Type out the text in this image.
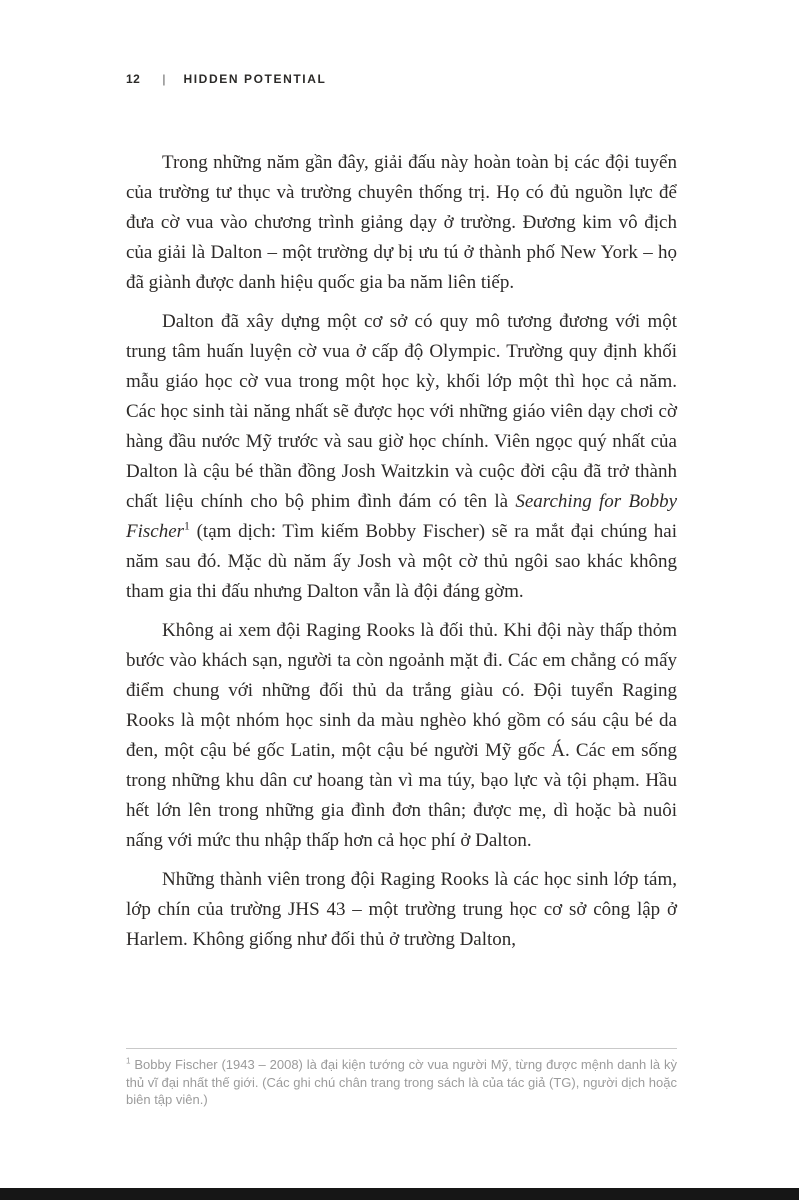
12 | HIDDEN POTENTIAL

Trong những năm gần đây, giải đấu này hoàn toàn bị các đội tuyển của trường tư thục và trường chuyên thống trị. Họ có đủ nguồn lực để đưa cờ vua vào chương trình giảng dạy ở trường. Đương kim vô địch của giải là Dalton – một trường dự bị ưu tú ở thành phố New York – họ đã giành được danh hiệu quốc gia ba năm liên tiếp.

Dalton đã xây dựng một cơ sở có quy mô tương đương với một trung tâm huấn luyện cờ vua ở cấp độ Olympic. Trường quy định khối mẫu giáo học cờ vua trong một học kỳ, khối lớp một thì học cả năm. Các học sinh tài năng nhất sẽ được học với những giáo viên dạy chơi cờ hàng đầu nước Mỹ trước và sau giờ học chính. Viên ngọc quý nhất của Dalton là cậu bé thần đồng Josh Waitzkin và cuộc đời cậu đã trở thành chất liệu chính cho bộ phim đình đám có tên là Searching for Bobby Fischer$^1$ (tạm dịch: Tìm kiếm Bobby Fischer) sẽ ra mắt đại chúng hai năm sau đó. Mặc dù năm ấy Josh và một cờ thủ ngôi sao khác không tham gia thi đấu nhưng Dalton vẫn là đội đáng gờm.

Không ai xem đội Raging Rooks là đối thủ. Khi đội này thấp thỏm bước vào khách sạn, người ta còn ngoảnh mặt đi. Các em chẳng có mấy điểm chung với những đối thủ da trắng giàu có. Đội tuyển Raging Rooks là một nhóm học sinh da màu nghèo khó gồm có sáu cậu bé da đen, một cậu bé gốc Latin, một cậu bé người Mỹ gốc Á. Các em sống trong những khu dân cư hoang tàn vì ma túy, bạo lực và tội phạm. Hầu hết lớn lên trong những gia đình đơn thân; được mẹ, dì hoặc bà nuôi nấng với mức thu nhập thấp hơn cả học phí ở Dalton.

Những thành viên trong đội Raging Rooks là các học sinh lớp tám, lớp chín của trường JHS 43 – một trường trung học cơ sở công lập ở Harlem. Không giống như đối thủ ở trường Dalton,

$^1$ Bobby Fischer (1943 – 2008) là đại kiện tướng cờ vua người Mỹ, từng được mệnh danh là kỳ thủ vĩ đại nhất thế giới. (Các ghi chú chân trang trong sách là của tác giả (TG), người dịch hoặc biên tập viên.)
